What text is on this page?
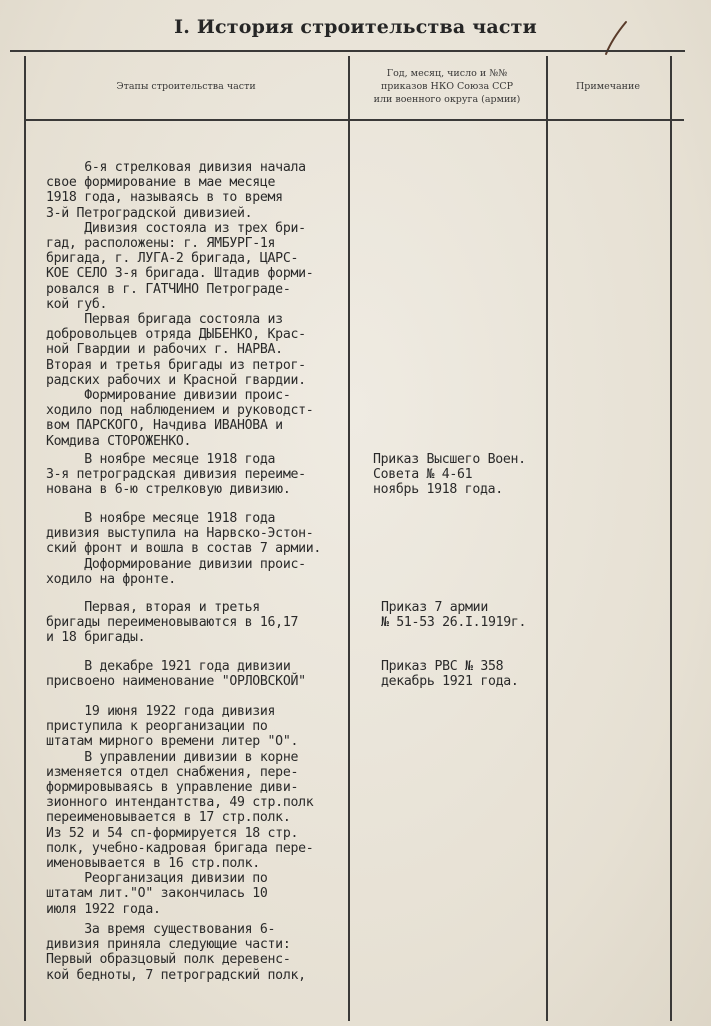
I. История строительства части
Этапы строительства части
Год, месяц, число и №№
приказов НКО Союза ССР
или военного округа (армии)
Примечание
6-я стрелковая дивизия начала
свое формирование в мае месяце
1918 года, называясь в то время
3-й Петроградской дивизией.
Дивизия состояла из трех бри-
гад, расположены: г. ЯМБУРГ-1я
бригада, г. ЛУГА-2 бригада, ЦАРС-
КОЕ СЕЛО 3-я бригада. Штадив форми-
ровался в г. ГАТЧИНО Петрограде-
кой губ.
Первая бригада состояла из
добровольцев отряда ДЫБЕНКО, Крас-
ной Гвардии и рабочих г. НАРВА.
Вторая и третья бригады из петрог-
радских рабочих и Красной гвардии.
Формирование дивизии проис-
ходило под наблюдением и руководст-
вом ПАРСКОГО, Начдива ИВАНОВА и
Комдива СТОРОЖЕНКО.
В ноябре месяце 1918 года
3-я петроградская дивизия переиме-
нована в 6-ю стрелковую дивизию.
Приказ Высшего Воен.
Совета № 4-61
ноябрь 1918 года.
В ноябре месяце 1918 года
дивизия выступила на Нарвско-Эстон-
ский фронт и вошла в состав 7 армии.
Доформирование дивизии проис-
ходило на фронте.
Первая, вторая и третья
бригады переименовываются в 16,17
и 18 бригады.
Приказ 7 армии
№ 51-53 26.I.1919г.
В декабре 1921 года дивизии
присвоено наименование "ОРЛОВСКОЙ"
Приказ РВС № 358
декабрь 1921 года.
19 июня 1922 года дивизия
приступила к реорганизации по
штатам мирного времени литер "О".
В управлении дивизии в корне
изменяется отдел снабжения, пере-
формировываясь в управление диви-
зионного интендантства, 49 стр.полк
переименовывается в 17 стр.полк.
Из 52 и 54 сп-формируется 18 стр.
полк, учебно-кадровая бригада пере-
именовывается в 16 стр.полк.
Реорганизация дивизии по
штатам лит."О" закончилась 10
июля 1922 года.
За время существования 6-
дивизия приняла следующие части:
Первый образцовый полк деревенс-
кой бедноты, 7 петроградский полк,
